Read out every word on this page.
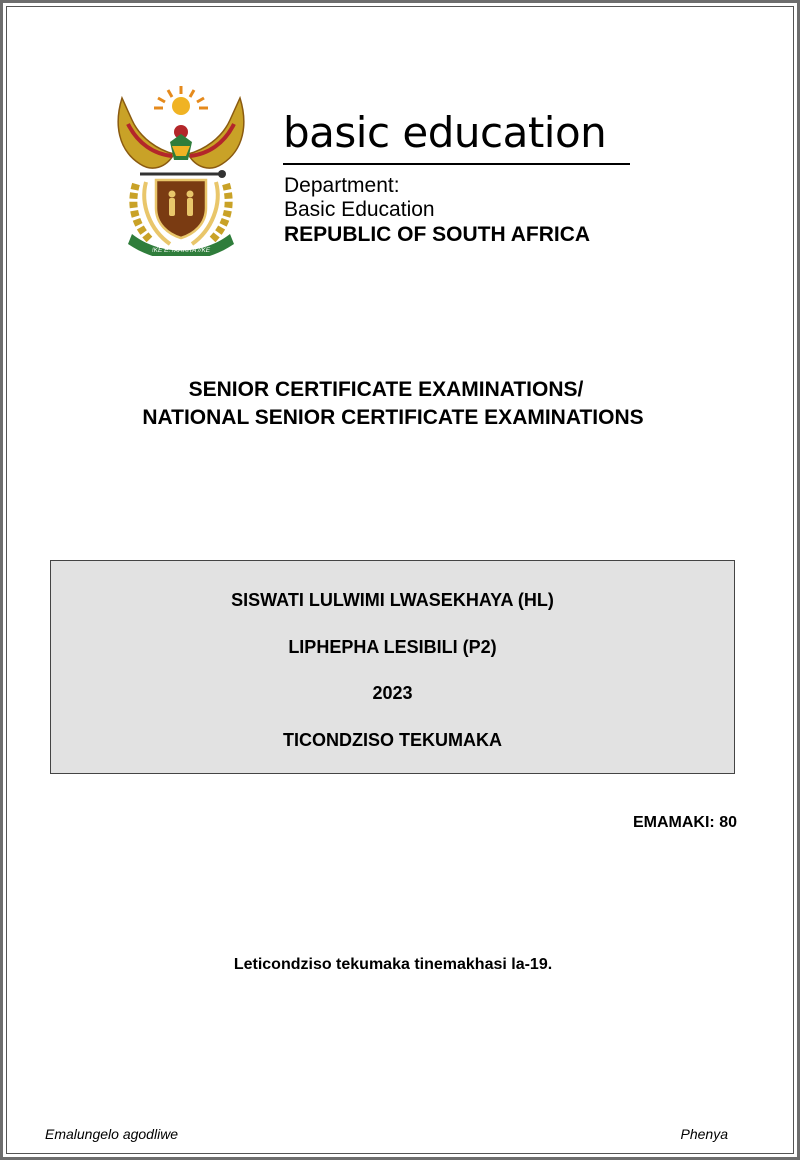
!KE E: /XARRA //KE
basic education
Department:
Basic Education
REPUBLIC OF SOUTH AFRICA
SENIOR CERTIFICATE EXAMINATIONS/
NATIONAL SENIOR CERTIFICATE EXAMINATIONS
SISWATI LULWIMI LWASEKHAYA (HL)
LIPHEPHA LESIBILI (P2)
2023
TICONDZISO TEKUMAKA
EMAMAKI: 80
Leticondziso tekumaka tinemakhasi la-19.
Emalungelo agodliwe	Phenya
